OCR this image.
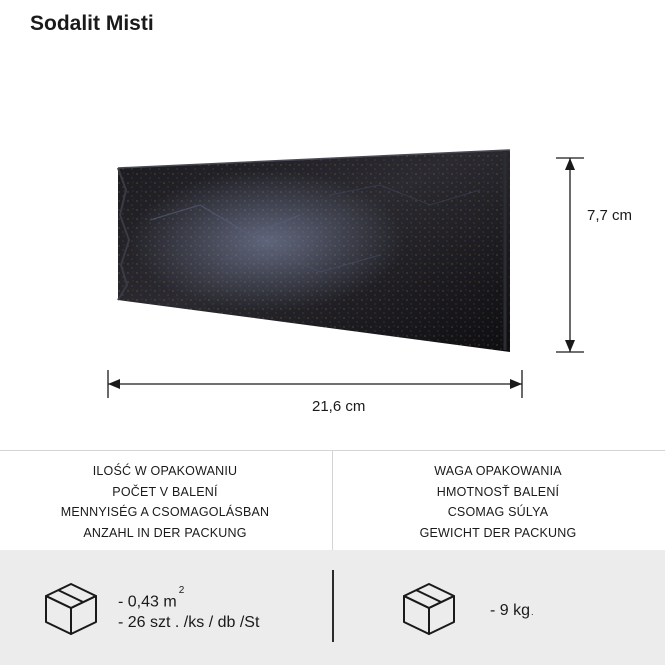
Sodalit Misti
7,7 cm
21,6 cm
ILOŚĆ W OPAKOWANIU
POČET V BALENÍ
MENNYISÉG A CSOMAGOLÁSBAN
ANZAHL IN DER PACKUNG
WAGA OPAKOWANIA
HMOTNOSŤ BALENÍ
CSOMAG SÚLYA
GEWICHT DER PACKUNG
- 0,43 $m^2$
- 26 szt . /ks / db /St
- 9 kg.
